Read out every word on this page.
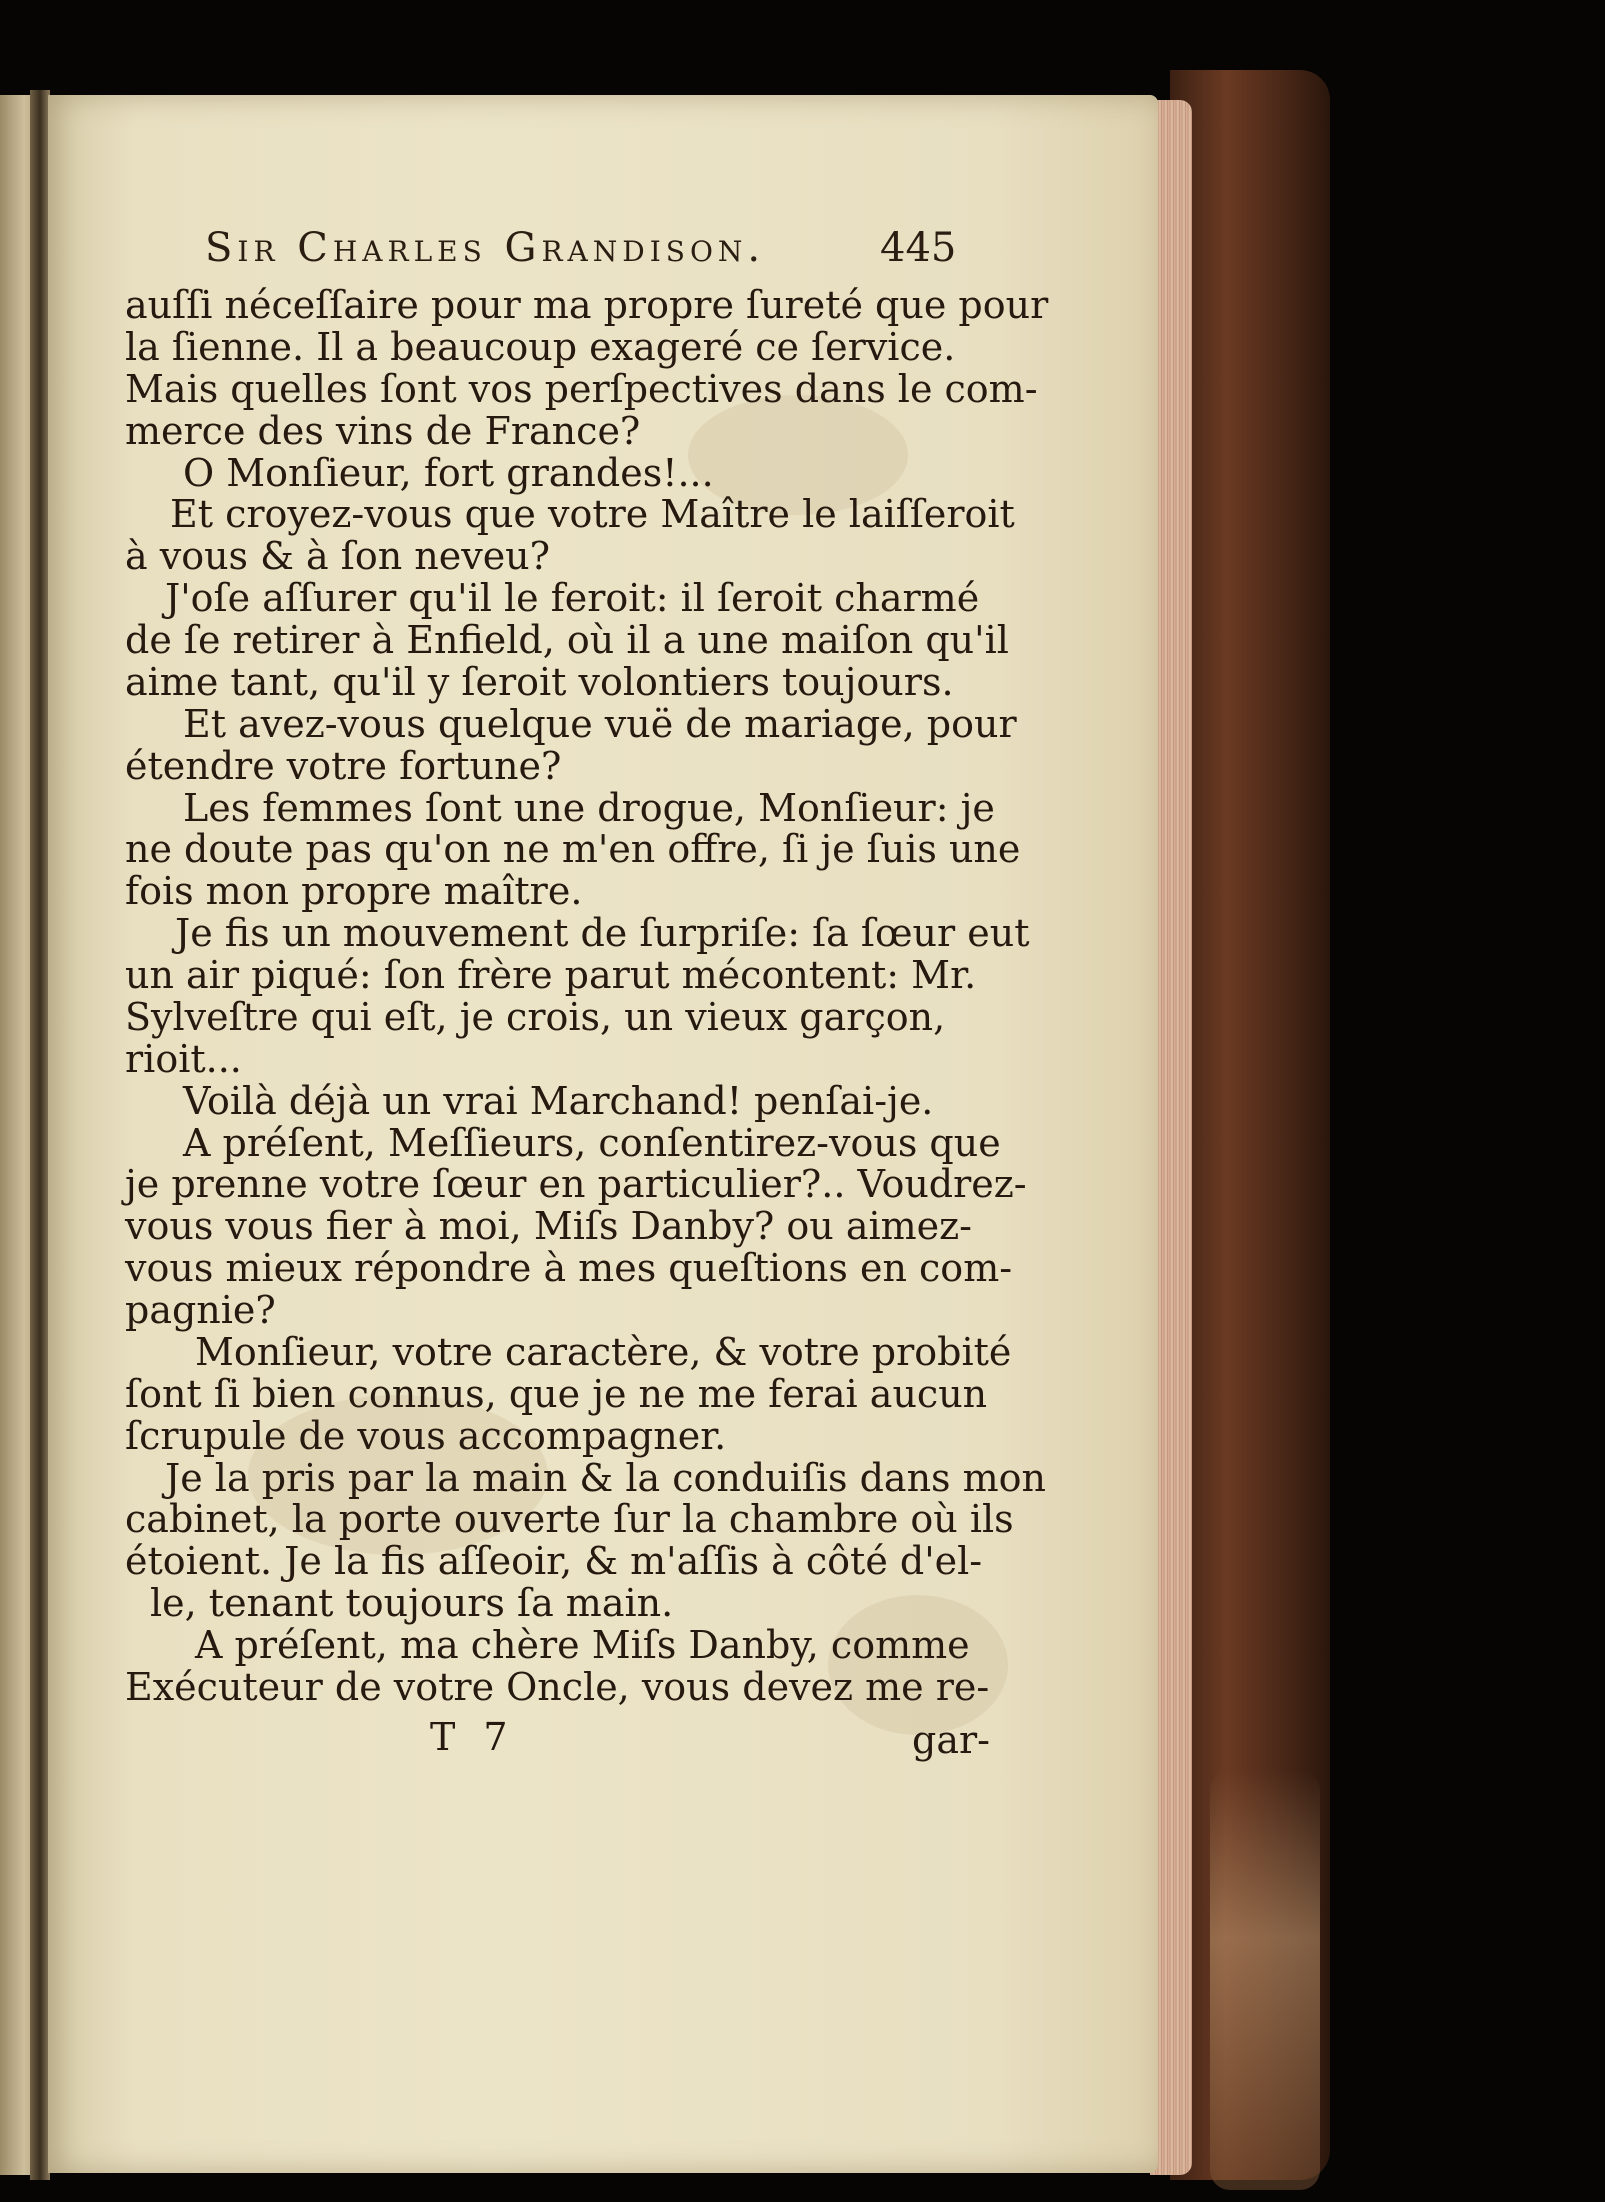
Sir Charles Grandison.	445
auſſi néceſſaire pour ma propre ſureté que pour
la ſienne. Il a beaucoup exageré ce ſervice.
Mais quelles ſont vos perſpectives dans le com-
merce des vins de France?
O Monſieur, fort grandes!...
Et croyez-vous que votre Maître le laiſſeroit
à vous & à ſon neveu?
J'oſe aſſurer qu'il le feroit: il ſeroit charmé
de ſe retirer à Enfield, où il a une maiſon qu'il
aime tant, qu'il y ſeroit volontiers toujours.
Et avez-vous quelque vuë de mariage, pour
étendre votre fortune?
Les femmes ſont une drogue, Monſieur: je
ne doute pas qu'on ne m'en offre, ſi je ſuis une
fois mon propre maître.
Je fis un mouvement de ſurpriſe: ſa ſœur eut
un air piqué: ſon frère parut mécontent: Mr.
Sylveſtre qui eſt, je crois, un vieux garçon,
rioit...
Voilà déjà un vrai Marchand! penſai-je.
A préſent, Meſſieurs, conſentirez-vous que
je prenne votre ſœur en particulier?.. Voudrez-
vous vous fier à moi, Miſs Danby? ou aimez-
vous mieux répondre à mes queſtions en com-
pagnie?
Monſieur, votre caractère, & votre probité
ſont ſi bien connus, que je ne me ferai aucun
ſcrupule de vous accompagner.
Je la pris par la main & la conduiſis dans mon
cabinet, la porte ouverte ſur la chambre où ils
étoient. Je la fis aſſeoir, & m'aſſis à côté d'el-
le, tenant toujours ſa main.
A préſent, ma chère Miſs Danby, comme
Exécuteur de votre Oncle, vous devez me re-
T 7	gar-
